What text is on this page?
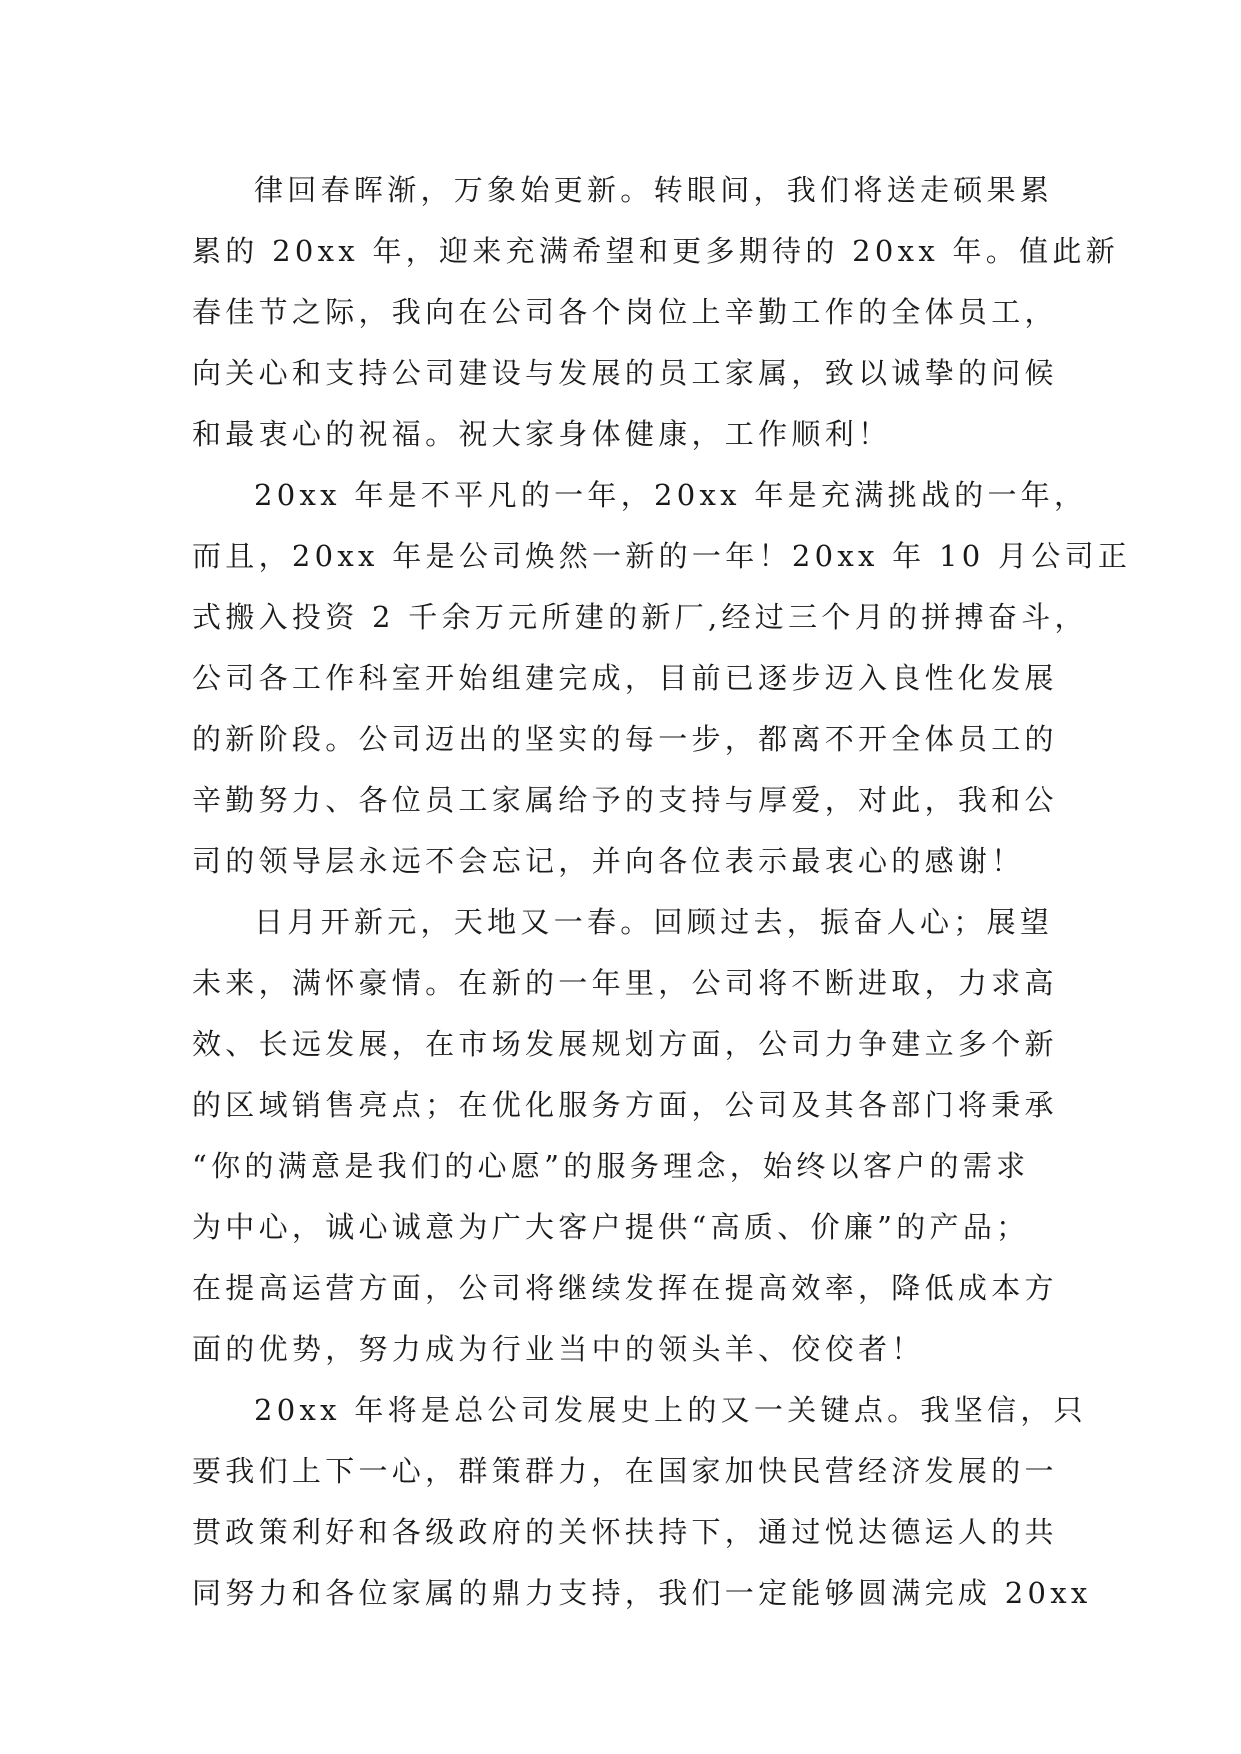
律回春晖渐，万象始更新。转眼间，我们将送走硕果累
累的 20xx 年，迎来充满希望和更多期待的 20xx 年。值此新
春佳节之际，我向在公司各个岗位上辛勤工作的全体员工，
向关心和支持公司建设与发展的员工家属，致以诚挚的问候
和最衷心的祝福。祝大家身体健康，工作顺利！
20xx 年是不平凡的一年，20xx 年是充满挑战的一年，
而且，20xx 年是公司焕然一新的一年！20xx 年 10 月公司正
式搬入投资 2 千余万元所建的新厂,经过三个月的拼搏奋斗，
公司各工作科室开始组建完成，目前已逐步迈入良性化发展
的新阶段。公司迈出的坚实的每一步，都离不开全体员工的
辛勤努力、各位员工家属给予的支持与厚爱，对此，我和公
司的领导层永远不会忘记，并向各位表示最衷心的感谢！
日月开新元，天地又一春。回顾过去，振奋人心；展望
未来，满怀豪情。在新的一年里，公司将不断进取，力求高
效、长远发展，在市场发展规划方面，公司力争建立多个新
的区域销售亮点；在优化服务方面，公司及其各部门将秉承
“你的满意是我们的心愿”的服务理念，始终以客户的需求
为中心，诚心诚意为广大客户提供“高质、价廉”的产品；
在提高运营方面，公司将继续发挥在提高效率，降低成本方
面的优势，努力成为行业当中的领头羊、佼佼者！
20xx 年将是总公司发展史上的又一关键点。我坚信，只
要我们上下一心，群策群力，在国家加快民营经济发展的一
贯政策利好和各级政府的关怀扶持下，通过悦达德运人的共
同努力和各位家属的鼎力支持，我们一定能够圆满完成 20xx
